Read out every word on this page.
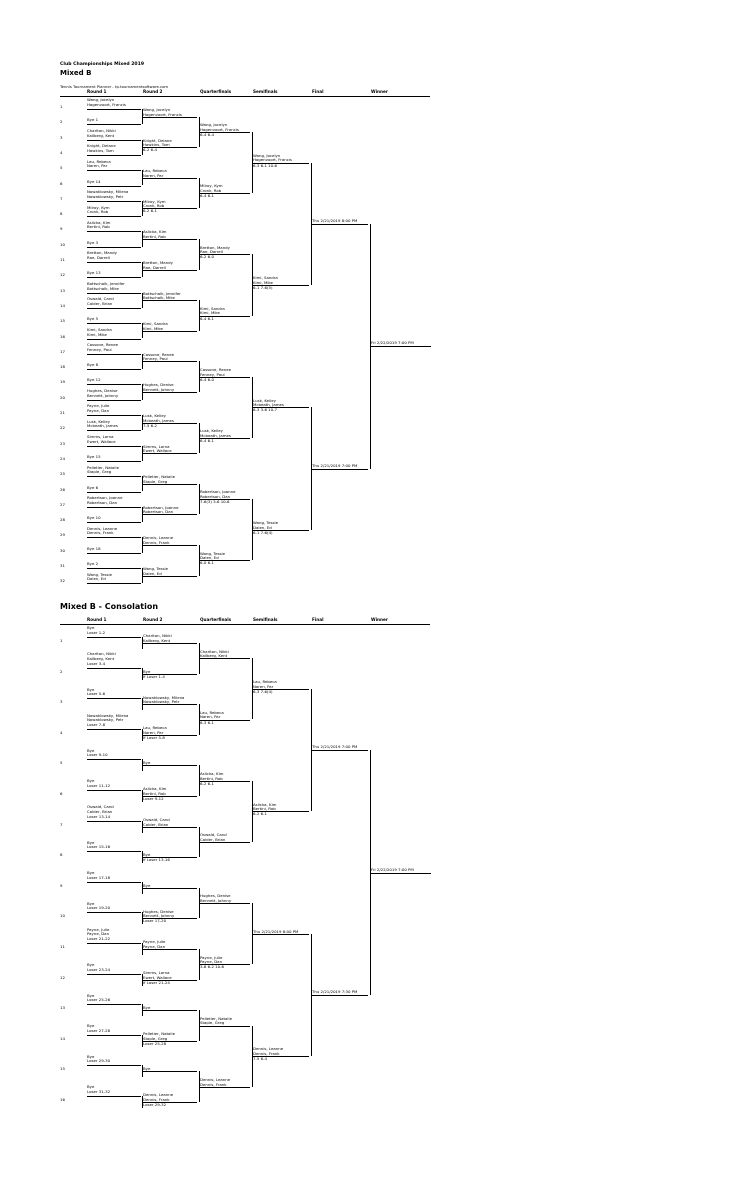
Club Championships Mixed 2019
Mixed B
Tennis Tournament Planner - tp.tournamentsoftware.com
Mixed B - Consolation
Round 1	Round 2	Quarterfinals	Semifinals	Final	Winner
1
Wang, Jocelyn
Hagenvoort, Francis
2	Bye 1
3
Charlton, Nikki
Kallberg, Kent
4
Knight, Delane
Hawkins, Tom
5
Lau, Rebeca
Naren, Par
6	Bye 14
7
Nowaklowsky, Milena
Nowaklowsky, Petr
8
Milroy, Kym
Cronk, Rob
9
Aslicka, Kim
Bertini, Rob
10	Bye 3
11
Bretton, Mandy
Rae, Darrell
12	Bye 13
13
Bottschalk, Jennifer
Bottschalk, Mike
14
Oswald, Carol
Calder, Brian
15	Bye 5
16
Kimi, Sandra
Kimi, Mike
17
Cassone, Renee
Fenney, Paul
18	Bye 8
19	Bye 12
20
Hughes, Denise
Bennett, Johnny
21
Payne, Julie
Payne, Dan
22
Lusk, Kelley
Mcbeath, James
23
Simms, Lorna
Ewert, Wallace
24	Bye 15
25
Pelletier, Natalie
Staple, Greg
26	Bye 6
27
Robertson, Joanne
Robertson, Dan
28	Bye 10
29
Dennis, Leanne
Dennis, Frank
30	Bye 18
31	Bye 2
32
Wang, Tessie
Dalen, Ed
Wang, Jocelyn
Hagenvoort, Francis
Knight, Delane
Hawkins, Tom
6-2 6-4
Lau, Rebeca
Naren, Par
Milroy, Kym
Cronk, Rob
6-2 6-1
Aslicka, Kim
Bertini, Rob
Bretton, Mandy
Rae, Darrell
Bottschalk, Jennifer
Bottschalk, Mike
Kimi, Sandra
Kimi, Mike
Cassone, Renee
Fenney, Paul
Hughes, Denise
Bennett, Johnny
Lusk, Kelley
Mcbeath, James
7-5 6-2
Simms, Lorna
Ewert, Wallace
Pelletier, Natalie
Staple, Greg
Robertson, Joanne
Robertson, Dan
Dennis, Leanne
Dennis, Frank
Wang, Tessie
Dalen, Ed
Wang, Jocelyn
Hagenvoort, Francis
6-4 6-4
Milroy, Kym
Cronk, Rob
6-4 6-1
Bretton, Mandy
Rae, Darrell
6-2 6-0
Kimi, Sandra
Kimi, Mike
6-4 6-1
Cassone, Renee
Fenney, Paul
6-4 6-0
Lusk, Kelley
Mcbeath, James
6-4 6-1
Robertson, Joanne
Robertson, Dan
7-6(3) 3-6 10-6
Wang, Tessie
Dalen, Ed
6-0 6-1
Wang, Jocelyn
Hagenvoort, Francis
6-3 6-1 10-6
Kimi, Sandra
Kimi, Mike
6-1 7-6(5)
Lusk, Kelley
Mcbeath, James
6-3 3-6 10-7
Wang, Tessie
Dalen, Ed
6-1 7-6(4)
Thu 2/21/2019 8:00 PM
Thu 2/21/2019 7:00 PM
Fri 2/22/2019 7:00 PM
Round 1	Round 2	Quarterfinals	Semifinals	Final	Winner
1
Bye
Loser 1-2
2
Charlton, Nikki
Kallberg, Kent
Loser 3-4
3
Bye
Loser 5-6
4
Nowaklowsky, Milena
Nowaklowsky, Petr
Loser 7-8
5
Bye
Loser 9-10
6
Bye
Loser 11-12
7
Oswald, Carol
Calder, Brian
Loser 13-14
8
Bye
Loser 15-16
9
Bye
Loser 17-18
10
Bye
Loser 19-20
11
Payne, Julie
Payne, Dan
Loser 21-22
12
Bye
Loser 23-24
13
Bye
Loser 25-26
14
Bye
Loser 27-28
15
Bye
Loser 29-30
16
Bye
Loser 31-32
Charlton, Nikki
Kallberg, Kent
Bye
If Loser 1-4
Nowaklowsky, Milena
Nowaklowsky, Petr
Lau, Rebeca
Naren, Par
If Loser 5-8
Bye
Aslicka, Kim
Bertini, Rob
Loser 9-12
Oswald, Carol
Calder, Brian
Bye
If Loser 13-16
Bye
Hughes, Denise
Bennett, Johnny
Loser 17-20
Payne, Julie
Payne, Dan
Simms, Lorna
Ewert, Wallace
If Loser 21-24
Bye
Pelletier, Natalie
Staple, Greg
Loser 25-28
Bye
Dennis, Leanne
Dennis, Frank
Loser 29-32
Charlton, Nikki
Kallberg, Kent
Lau, Rebeca
Naren, Par
6-3 6-1
Aslicka, Kim
Bertini, Rob
6-2 6-1
Oswald, Carol
Calder, Brian
Hughes, Denise
Bennett, Johnny
Payne, Julie
Payne, Dan
3-6 6-2 10-6
Pelletier, Natalie
Staple, Greg
Dennis, Leanne
Dennis, Frank
Lau, Rebeca
Naren, Par
6-3 7-6(4)
Aslicka, Kim
Bertini, Rob
6-2 6-1
Thu 2/21/2019 8:00 PM
Dennis, Leanne
Dennis, Frank
7-5 6-4
Thu 2/21/2019 7:00 PM
Thu 2/21/2019 7:30 PM
Fri 2/22/2019 7:00 PM
